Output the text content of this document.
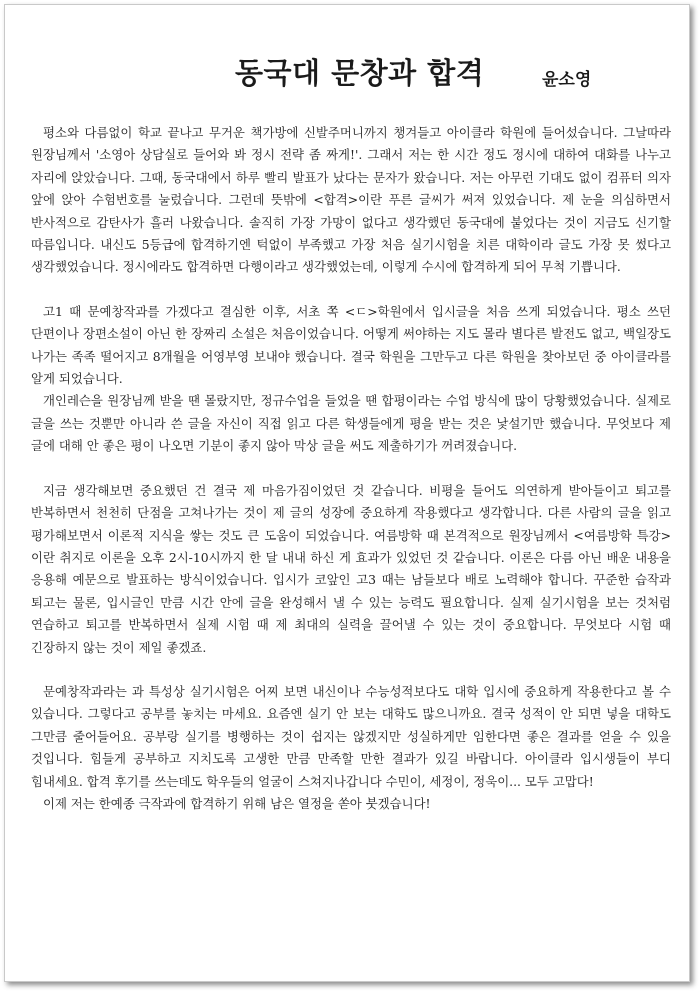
동국대 문창과 합격	윤소영

평소와 다름없이 학교 끝나고 무거운 책가방에 신발주머니까지 챙겨들고 아이클라 학원에 들어섰습니다. 그날따라 원장님께서 '소영아 상담실로 들어와 봐 정시 전략 좀 짜게!'. 그래서 저는 한 시간 정도 정시에 대하여 대화를 나누고 자리에 앉았습니다. 그때, 동국대에서 하루 빨리 발표가 났다는 문자가 왔습니다. 저는 아무런 기대도 없이 컴퓨터 의자 앞에 앉아 수험번호를 눌렀습니다. 그런데 뜻밖에 <합격>이란 푸른 글씨가 써져 있었습니다. 제 눈을 의심하면서 반사적으로 감탄사가 흘러 나왔습니다. 솔직히 가장 가망이 없다고 생각했던 동국대에 붙었다는 것이 지금도 신기할 따름입니다. 내신도 5등급에 합격하기엔 턱없이 부족했고 가장 처음 실기시험을 치른 대학이라 글도 가장 못 썼다고 생각했었습니다. 정시에라도 합격하면 다행이라고 생각했었는데, 이렇게 수시에 합격하게 되어 무척 기쁩니다.

고1 때 문예창작과를 가겠다고 결심한 이후, 서초 쪽 <ㄷ>학원에서 입시글을 처음 쓰게 되었습니다. 평소 쓰던 단편이나 장편소설이 아닌 한 장짜리 소설은 처음이었습니다. 어떻게 써야하는 지도 몰라 별다른 발전도 없고, 백일장도 나가는 족족 떨어지고 8개월을 어영부영 보내야 했습니다. 결국 학원을 그만두고 다른 학원을 찾아보던 중 아이클라를 알게 되었습니다.

개인레슨을 원장님께 받을 땐 몰랐지만, 정규수업을 들었을 땐 합평이라는 수업 방식에 많이 당황했었습니다. 실제로 글을 쓰는 것뿐만 아니라 쓴 글을 자신이 직접 읽고 다른 학생들에게 평을 받는 것은 낯설기만 했습니다. 무엇보다 제 글에 대해 안 좋은 평이 나오면 기분이 좋지 않아 막상 글을 써도 제출하기가 꺼려졌습니다.

지금 생각해보면 중요했던 건 결국 제 마음가짐이었던 것 같습니다. 비평을 들어도 의연하게 받아들이고 퇴고를 반복하면서 천천히 단점을 고쳐나가는 것이 제 글의 성장에 중요하게 작용했다고 생각합니다. 다른 사람의 글을 읽고 평가해보면서 이론적 지식을 쌓는 것도 큰 도움이 되었습니다. 여름방학 때 본격적으로 원장님께서 <여름방학 특강>이란 취지로 이론을 오후 2시-10시까지 한 달 내내 하신 게 효과가 있었던 것 같습니다. 이론은 다름 아닌 배운 내용을 응용해 예문으로 발표하는 방식이었습니다. 입시가 코앞인 고3 때는 남들보다 배로 노력해야 합니다. 꾸준한 습작과 퇴고는 물론, 입시글인 만큼 시간 안에 글을 완성해서 낼 수 있는 능력도 필요합니다. 실제 실기시험을 보는 것처럼 연습하고 퇴고를 반복하면서 실제 시험 때 제 최대의 실력을 끌어낼 수 있는 것이 중요합니다. 무엇보다 시험 때 긴장하지 않는 것이 제일 좋겠죠.

문예창작과라는 과 특성상 실기시험은 어찌 보면 내신이나 수능성적보다도 대학 입시에 중요하게 작용한다고 볼 수 있습니다. 그렇다고 공부를 놓치는 마세요. 요즘엔 실기 안 보는 대학도 많으니까요. 결국 성적이 안 되면 넣을 대학도 그만큼 줄어들어요. 공부랑 실기를 병행하는 것이 쉽지는 않겠지만 성실하게만 임한다면 좋은 결과를 얻을 수 있을 것입니다. 힘들게 공부하고 지치도록 고생한 만큼 만족할 만한 결과가 있길 바랍니다. 아이클라 입시생들이 부디 힘내세요. 합격 후기를 쓰는데도 학우들의 얼굴이 스쳐지나갑니다 수민이, 세정이, 정욱이... 모두 고맙다!

이제 저는 한예종 극작과에 합격하기 위해 남은 열정을 쏟아 붓겠습니다!
